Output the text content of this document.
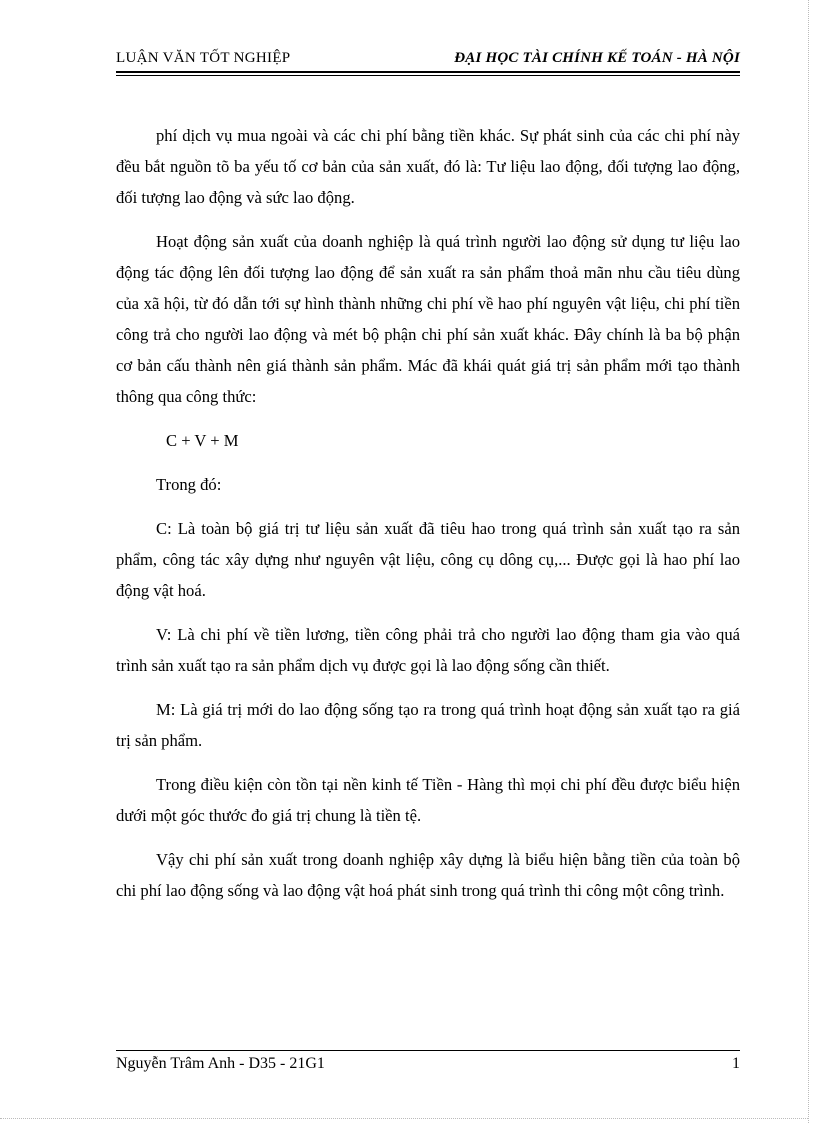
LUẬN VĂN TỐT NGHIỆP	ĐẠI HỌC TÀI CHÍNH KẾ TOÁN - HÀ NỘI

phí dịch vụ mua ngoài và các chi phí bằng tiền khác. Sự phát sinh của các chi phí này đều bắt nguồn tõ ba yếu tố cơ bản của sản xuất, đó là: Tư liệu lao động, đối tượng lao động, đối tượng lao động và sức lao động.

Hoạt động sản xuất của doanh nghiệp là quá trình người lao động sử dụng tư liệu lao động tác động lên đối tượng lao động để sản xuất ra sản phẩm thoả mãn nhu cầu tiêu dùng của xã hội, từ đó dẫn tới sự hình thành những chi phí về hao phí nguyên vật liệu, chi phí tiền công trả cho người lao động và mét bộ phận chi phí sản xuất khác. Đây chính là ba bộ phận cơ bản cấu thành nên giá thành sản phẩm. Mác đã khái quát giá trị sản phẩm mới tạo thành thông qua công thức:

C + V + M

Trong đó:

C: Là toàn bộ giá trị tư liệu sản xuất đã tiêu hao trong quá trình sản xuất tạo ra sản phẩm, công tác xây dựng như nguyên vật liệu, công cụ dông cụ,... Được gọi là hao phí lao động vật hoá.

V: Là chi phí về tiền lương, tiền công phải trả cho người lao động tham gia vào quá trình sản xuất tạo ra sản phẩm dịch vụ được gọi là lao động sống cần thiết.

M: Là giá trị mới do lao động sống tạo ra trong quá trình hoạt động sản xuất tạo ra giá trị sản phẩm.

Trong điều kiện còn tồn tại nền kinh tế Tiền - Hàng thì mọi chi phí đều được biểu hiện dưới một góc thước đo giá trị chung là tiền tệ.

Vậy chi phí sản xuất trong doanh nghiệp xây dựng là biểu hiện bằng tiền của toàn bộ chi phí lao động sống và lao động vật hoá phát sinh trong quá trình thi công một công trình.

Nguyễn Trâm Anh - D35 - 21G1	1
